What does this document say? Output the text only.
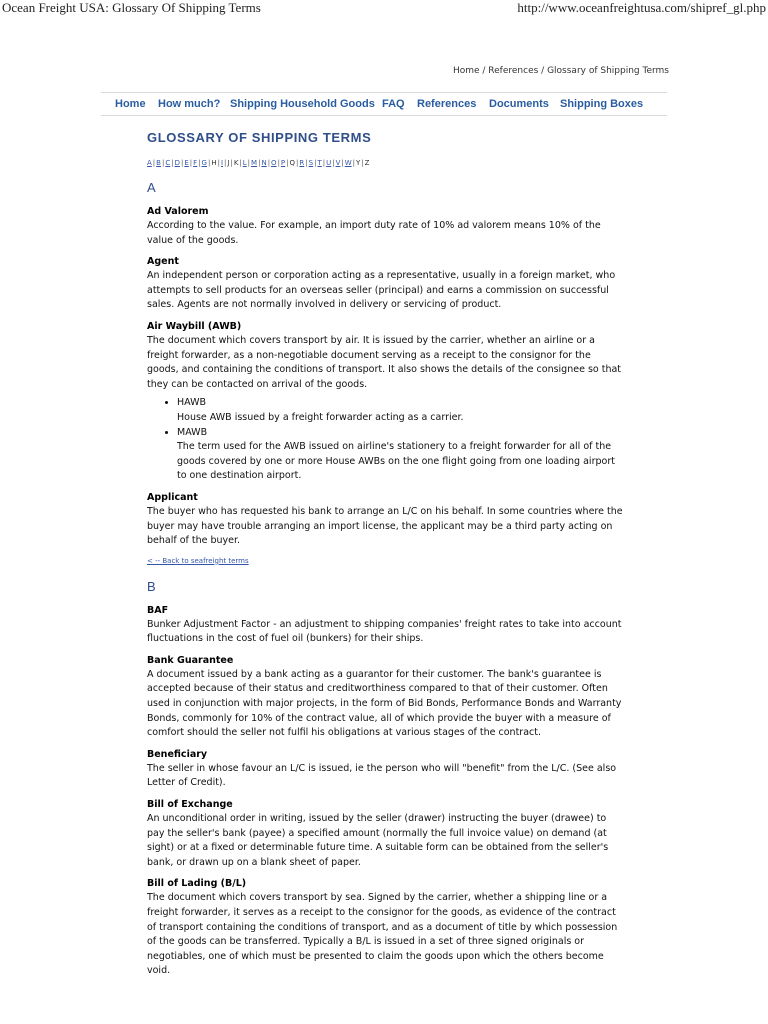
Ocean Freight USA: Glossary Of Shipping Terms	http://www.oceanfreightusa.com/shipref_gl.php
Home / References / Glossary of Shipping Terms
Home How much? Shipping Household Goods FAQ References Documents Shipping Boxes
GLOSSARY OF SHIPPING TERMS
A|B|C|D|E|F|G|H|I|J|K|L|M|N|O|P|Q|R|S|T|U|V|W|Y|Z
A
Ad Valorem
According to the value. For example, an import duty rate of 10% ad valorem means 10% of the value of the goods.
Agent
An independent person or corporation acting as a representative, usually in a foreign market, who attempts to sell products for an overseas seller (principal) and earns a commission on successful sales. Agents are not normally involved in delivery or servicing of product.
Air Waybill (AWB)
The document which covers transport by air. It is issued by the carrier, whether an airline or a freight forwarder, as a non-negotiable document serving as a receipt to the consignor for the goods, and containing the conditions of transport. It also shows the details of the consignee so that they can be contacted on arrival of the goods.
• HAWB
House AWB issued by a freight forwarder acting as a carrier.
• MAWB
The term used for the AWB issued on airline's stationery to a freight forwarder for all of the goods covered by one or more House AWBs on the one flight going from one loading airport to one destination airport.
Applicant
The buyer who has requested his bank to arrange an L/C on his behalf. In some countries where the buyer may have trouble arranging an import license, the applicant may be a third party acting on behalf of the buyer.
< -- Back to seafreight terms
B
BAF
Bunker Adjustment Factor - an adjustment to shipping companies' freight rates to take into account fluctuations in the cost of fuel oil (bunkers) for their ships.
Bank Guarantee
A document issued by a bank acting as a guarantor for their customer. The bank's guarantee is accepted because of their status and creditworthiness compared to that of their customer. Often used in conjunction with major projects, in the form of Bid Bonds, Performance Bonds and Warranty Bonds, commonly for 10% of the contract value, all of which provide the buyer with a measure of comfort should the seller not fulfil his obligations at various stages of the contract.
Beneficiary
The seller in whose favour an L/C is issued, ie the person who will "benefit" from the L/C. (See also Letter of Credit).
Bill of Exchange
An unconditional order in writing, issued by the seller (drawer) instructing the buyer (drawee) to pay the seller's bank (payee) a specified amount (normally the full invoice value) on demand (at sight) or at a fixed or determinable future time. A suitable form can be obtained from the seller's bank, or drawn up on a blank sheet of paper.
Bill of Lading (B/L)
The document which covers transport by sea. Signed by the carrier, whether a shipping line or a freight forwarder, it serves as a receipt to the consignor for the goods, as evidence of the contract of transport containing the conditions of transport, and as a document of title by which possession of the goods can be transferred. Typically a B/L is issued in a set of three signed originals or negotiables, one of which must be presented to claim the goods upon which the others become void.
